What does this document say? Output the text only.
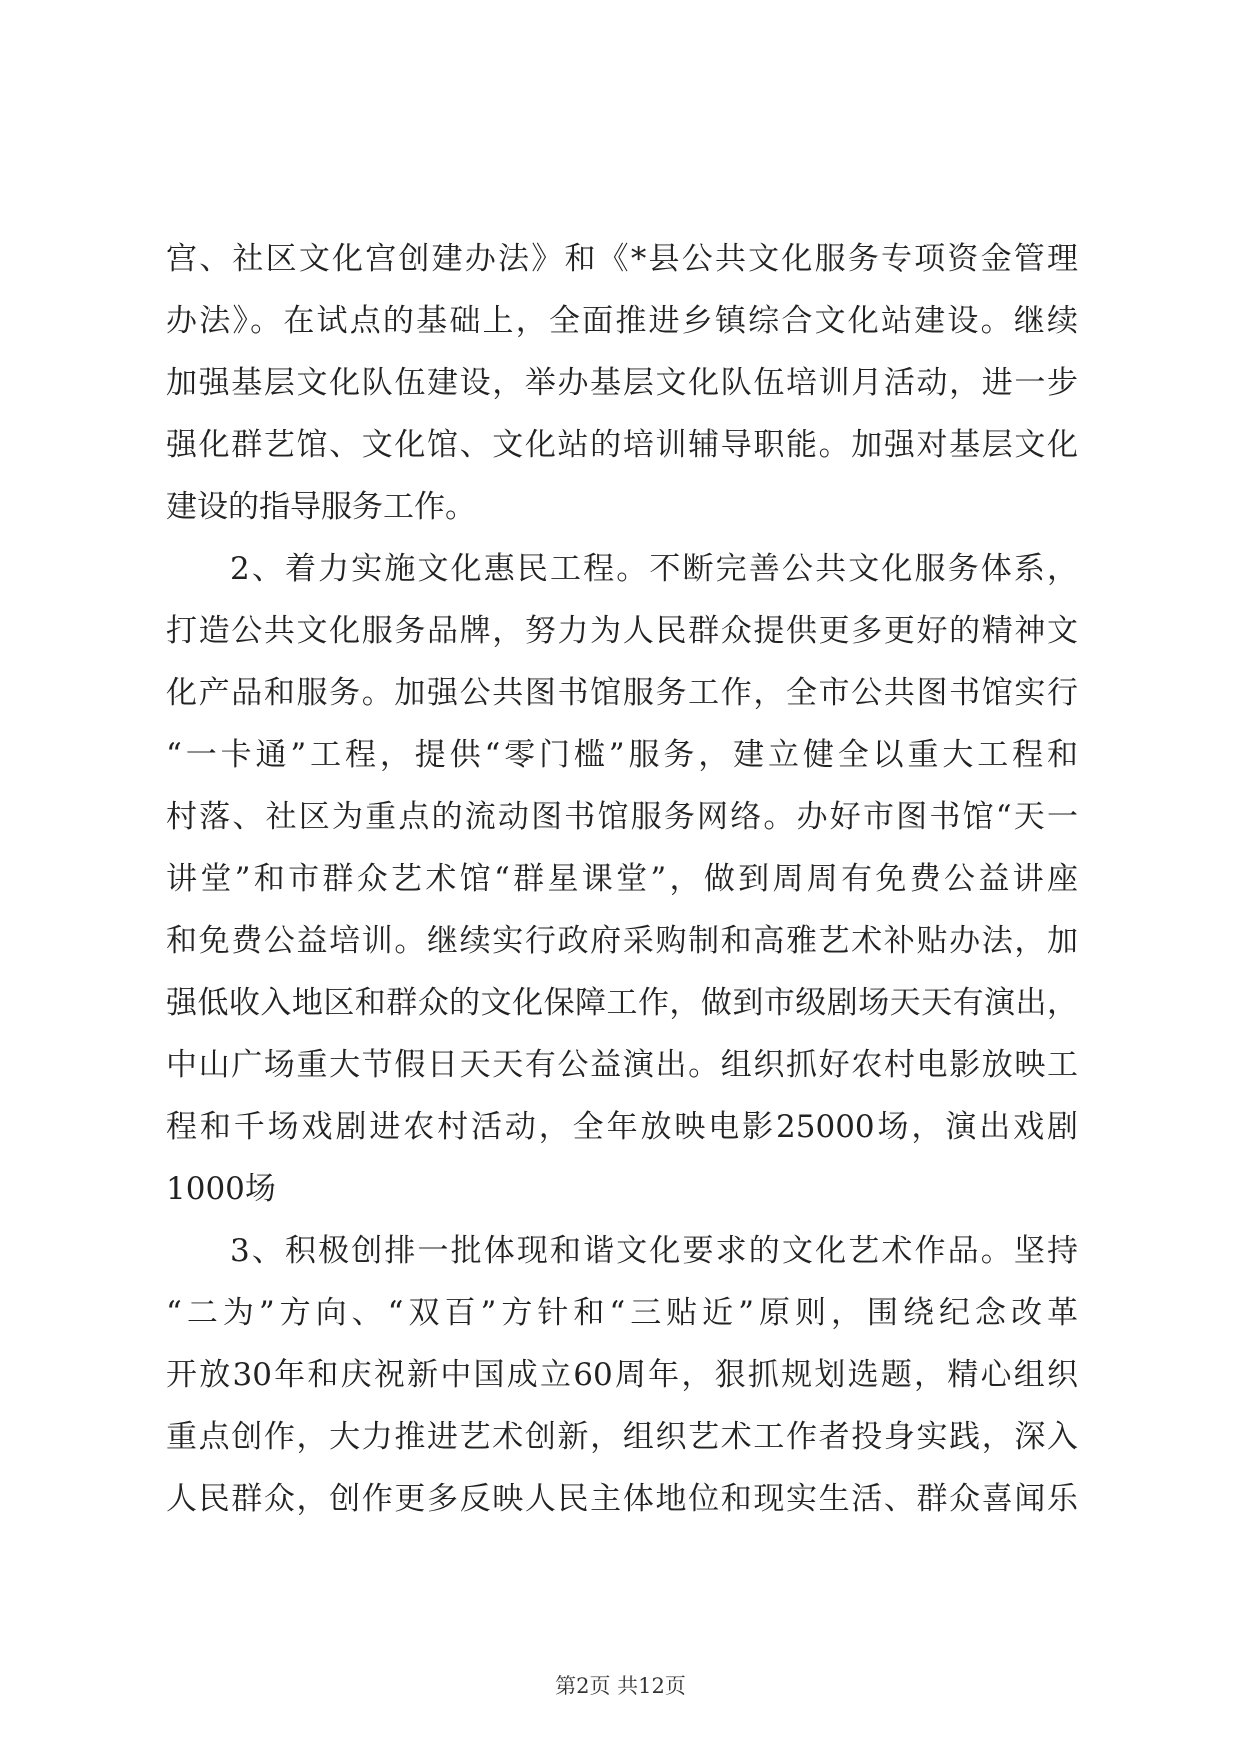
宫、社区文化宫创建办法》和《*县公共文化服务专项资金管理
办法》。在试点的基础上，全面推进乡镇综合文化站建设。继续
加强基层文化队伍建设，举办基层文化队伍培训月活动，进一步
强化群艺馆、文化馆、文化站的培训辅导职能。加强对基层文化
建设的指导服务工作。
2、着力实施文化惠民工程。不断完善公共文化服务体系，
打造公共文化服务品牌，努力为人民群众提供更多更好的精神文
化产品和服务。加强公共图书馆服务工作，全市公共图书馆实行
“一卡通”工程，提供“零门槛”服务，建立健全以重大工程和
村落、社区为重点的流动图书馆服务网络。办好市图书馆“天一
讲堂”和市群众艺术馆“群星课堂”，做到周周有免费公益讲座
和免费公益培训。继续实行政府采购制和高雅艺术补贴办法，加
强低收入地区和群众的文化保障工作，做到市级剧场天天有演出，
中山广场重大节假日天天有公益演出。组织抓好农村电影放映工
程和千场戏剧进农村活动，全年放映电影25000场，演出戏剧
1000场
3、积极创排一批体现和谐文化要求的文化艺术作品。坚持
“二为”方向、“双百”方针和“三贴近”原则，围绕纪念改革
开放30年和庆祝新中国成立60周年，狠抓规划选题，精心组织
重点创作，大力推进艺术创新，组织艺术工作者投身实践，深入
人民群众，创作更多反映人民主体地位和现实生活、群众喜闻乐
第2页 共12页
